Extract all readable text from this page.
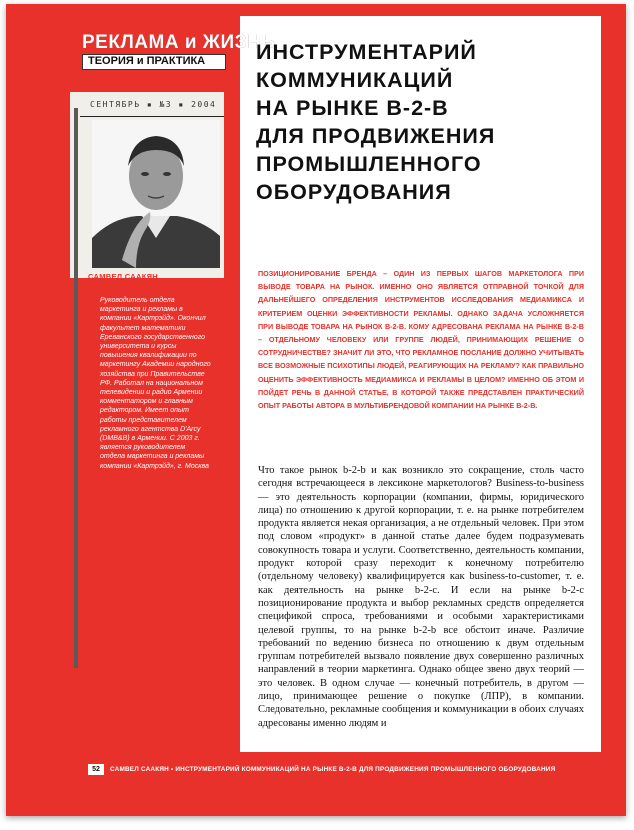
РЕКЛАМА и ЖИЗНЬ
ТЕОРИЯ и ПРАКТИКА
СЕНТЯБРЬ ▪ №3 ▪ 2004
САМВЕЛ СААКЯН
Руководитель отдела маркетинга и рекламы в компании «Картрэйд». Окончил факультет математики Ереванского государственного университета и курсы повышения квалификации по маркетингу Академии народного хозяйства при Правительстве РФ. Работал на национальном телевидении и радио Армении комментатором и главным редактором. Имеет опыт работы представителем рекламного агентства D'Arcy (DMB&B) в Армении. С 2003 г. является руководителем отдела маркетинга и рекламы компании «Картрэйд», г. Москва
ИНСТРУМЕНТАРИЙ
КОММУНИКАЦИЙ
НА РЫНКЕ В-2-В
ДЛЯ ПРОДВИЖЕНИЯ
ПРОМЫШЛЕННОГО
ОБОРУДОВАНИЯ

ПОЗИЦИОНИРОВАНИЕ БРЕНДА – ОДИН ИЗ ПЕРВЫХ ШАГОВ МАРКЕТОЛОГА ПРИ ВЫВОДЕ ТОВАРА НА РЫНОК. ИМЕННО ОНО ЯВЛЯЕТСЯ ОТПРАВНОЙ ТОЧКОЙ ДЛЯ ДАЛЬНЕЙШЕГО ОПРЕДЕЛЕНИЯ ИНСТРУМЕНТОВ ИССЛЕДОВАНИЯ МЕДИАМИКСА И КРИТЕРИЕМ ОЦЕНКИ ЭФФЕКТИВНОСТИ РЕКЛАМЫ. ОДНАКО ЗАДАЧА УСЛОЖНЯЕТСЯ ПРИ ВЫВОДЕ ТОВАРА НА РЫНОК В-2-В. КОМУ АДРЕСОВАНА РЕКЛАМА НА РЫНКЕ В-2-В – ОТДЕЛЬНОМУ ЧЕЛОВЕКУ ИЛИ ГРУППЕ ЛЮДЕЙ, ПРИНИМАЮЩИХ РЕШЕНИЕ О СОТРУДНИЧЕСТВЕ? ЗНАЧИТ ЛИ ЭТО, ЧТО РЕКЛАМНОЕ ПОСЛАНИЕ ДОЛЖНО УЧИТЫВАТЬ ВСЕ ВОЗМОЖНЫЕ ПСИХОТИПЫ ЛЮДЕЙ, РЕАГИРУЮЩИХ НА РЕКЛАМУ? КАК ПРАВИЛЬНО ОЦЕНИТЬ ЭФФЕКТИВНОСТЬ МЕДИАМИКСА И РЕКЛАМЫ В ЦЕЛОМ? ИМЕННО ОБ ЭТОМ И ПОЙДЕТ РЕЧЬ В ДАННОЙ СТАТЬЕ, В КОТОРОЙ ТАКЖЕ ПРЕДСТАВЛЕН ПРАКТИЧЕСКИЙ ОПЫТ РАБОТЫ АВТОРА В МУЛЬТИБРЕНДОВОЙ КОМПАНИИ НА РЫНКЕ В-2-В.

Что такое рынок b-2-b и как возникло это сокращение, столь часто сегодня встречающееся в лексиконе маркетологов? Business-to-business — это деятельность корпорации (компании, фирмы, юридического лица) по отношению к другой корпорации, т. е. на рынке потребителем продукта является некая организация, а не отдельный человек. При этом под словом «продукт» в данной статье далее будем подразумевать совокупность товара и услуги. Соответственно, деятельность компании, продукт которой сразу переходит к конечному потребителю (отдельному человеку) квалифицируется как business-to-customer, т. е. как деятельность на рынке b-2-c. И если на рынке b-2-c позиционирование продукта и выбор рекламных средств определяется спецификой спроса, требованиями и особыми характеристиками целевой группы, то на рынке b-2-b все обстоит иначе. Различие требований по ведению бизнеса по отношению к двум отдельным группам потребителей вызвало появление двух совершенно различных направлений в теории маркетинга. Однако общее звено двух теорий — это человек. В одном случае — конечный потребитель, в другом — лицо, принимающее решение о покупке (ЛПР), в компании. Следовательно, рекламные сообщения и коммуникации в обоих случаях адресованы именно людям и

52	САМВЕЛ СААКЯН ▪ ИНСТРУМЕНТАРИЙ КОММУНИКАЦИЙ НА РЫНКЕ В-2-В ДЛЯ ПРОДВИЖЕНИЯ ПРОМЫШЛЕННОГО ОБОРУДОВАНИЯ
